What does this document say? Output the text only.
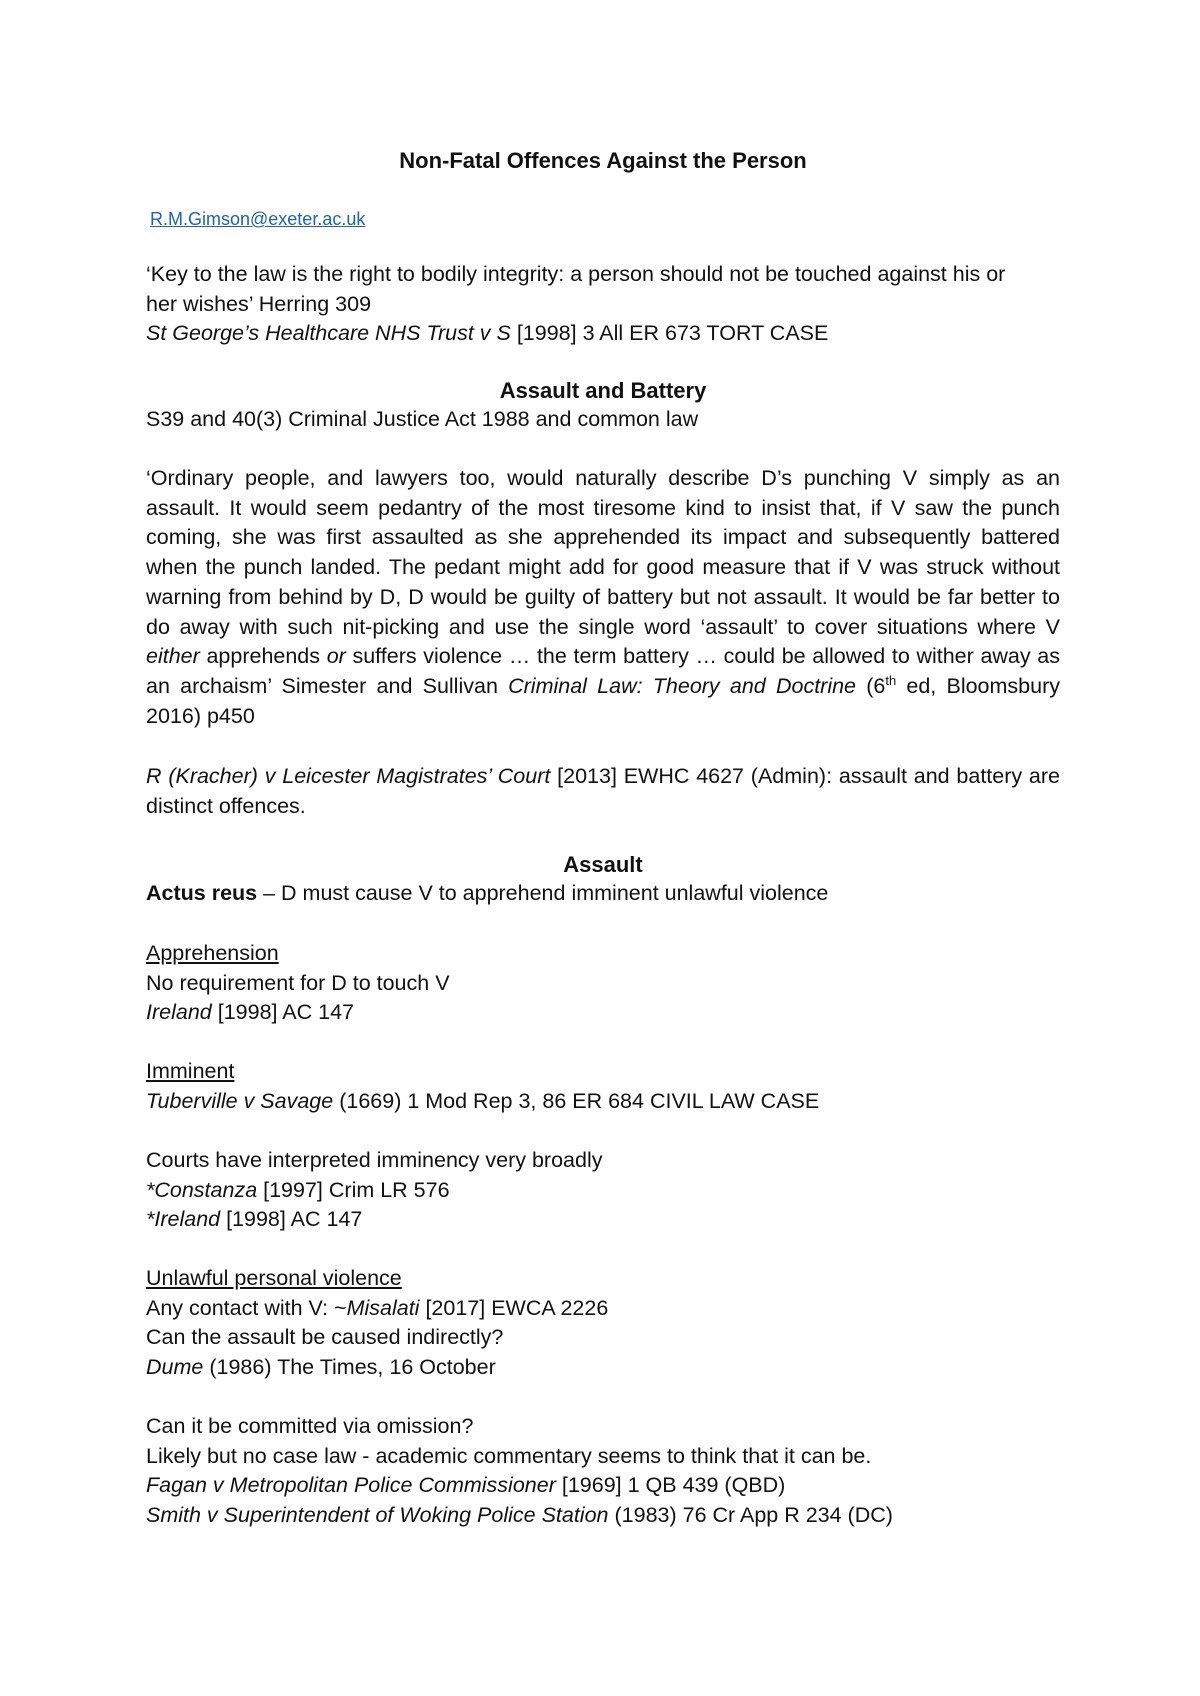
Non-Fatal Offences Against the Person
R.M.Gimson@exeter.ac.uk

‘Key to the law is the right to bodily integrity: a person should not be touched against his or

her wishes’ Herring 309

St George’s Healthcare NHS Trust v S [1998] 3 All ER 673 TORT CASE

Assault and Battery
S39 and 40(3) Criminal Justice Act 1988 and common law
‘Ordinary people, and lawyers too, would naturally describe D’s punching V simply as an assault. It would seem pedantry of the most tiresome kind to insist that, if V saw the punch coming, she was first assaulted as she apprehended its impact and subsequently battered when the punch landed. The pedant might add for good measure that if V was struck without warning from behind by D, D would be guilty of battery but not assault. It would be far better to do away with such nit-picking and use the single word ‘assault’ to cover situations where V either apprehends or suffers violence … the term battery … could be allowed to wither away as an archaism’ Simester and Sullivan Criminal Law: Theory and Doctrine (6th ed, Bloomsbury 2016) p450
R (Kracher) v Leicester Magistrates’ Court [2013] EWHC 4627 (Admin): assault and battery are distinct offences.
Assault
Actus reus – D must cause V to apprehend imminent unlawful violence

Apprehension

No requirement for D to touch V

Ireland [1998] AC 147

Imminent

Tuberville v Savage (1669) 1 Mod Rep 3, 86 ER 684 CIVIL LAW CASE

Courts have interpreted imminency very broadly

*Constanza [1997] Crim LR 576

*Ireland [1998] AC 147

Unlawful personal violence

Any contact with V: ~Misalati [2017] EWCA 2226

Can the assault be caused indirectly?

Dume (1986) The Times, 16 October

Can it be committed via omission?

Likely but no case law - academic commentary seems to think that it can be.

Fagan v Metropolitan Police Commissioner [1969] 1 QB 439 (QBD)

Smith v Superintendent of Woking Police Station (1983) 76 Cr App R 234 (DC)
